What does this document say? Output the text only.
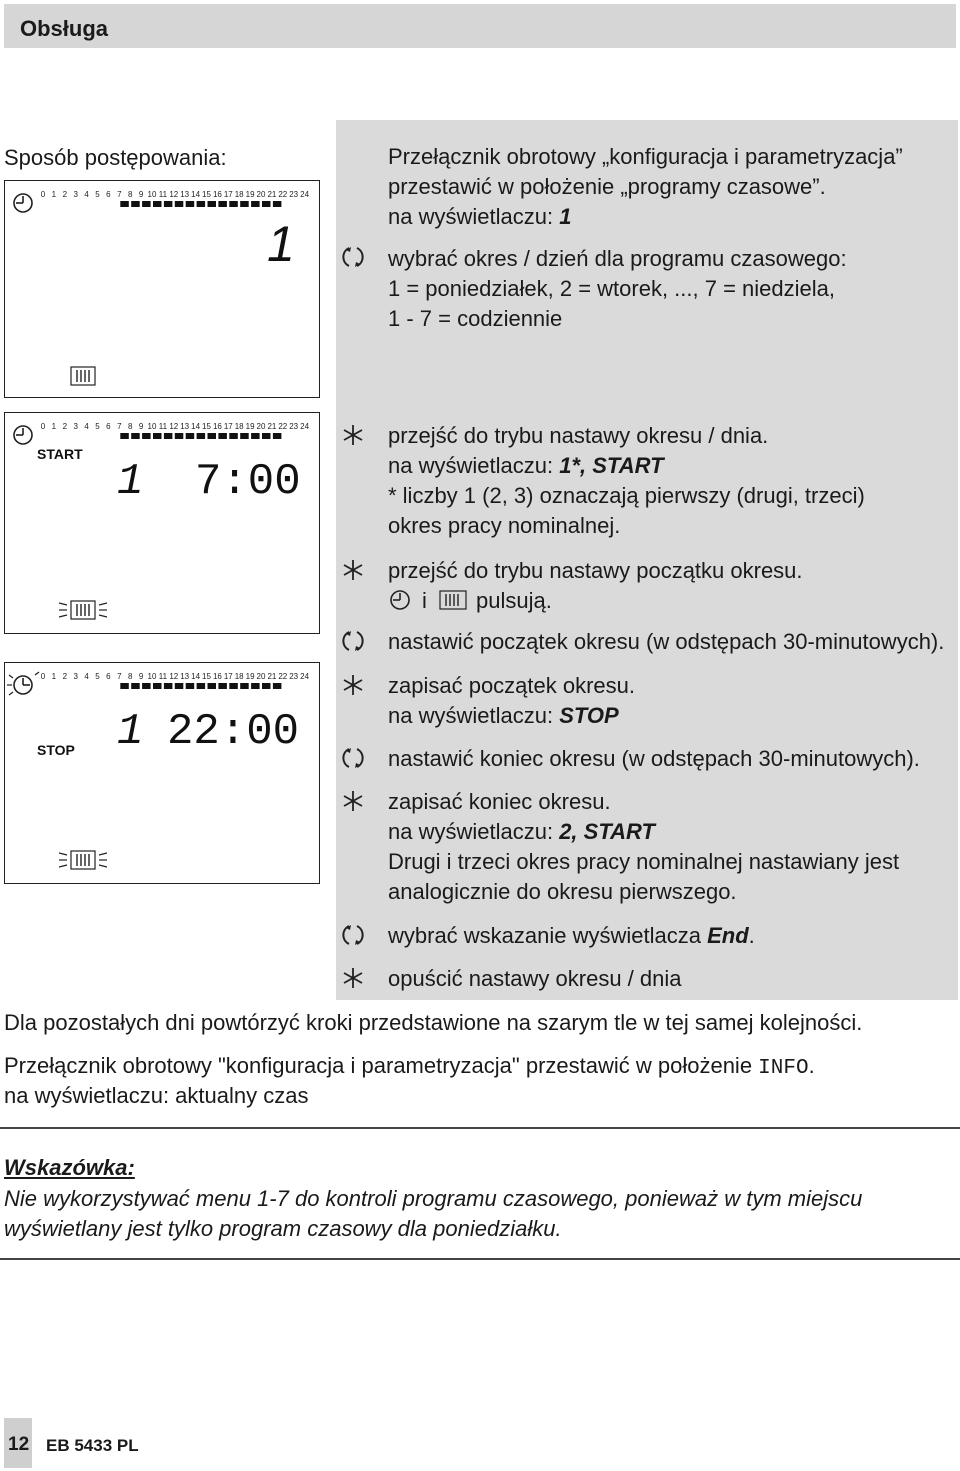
Obsługa
Sposób postępowania:
0 1 2 3 4 5 6 7 8 9 10 11 12 13 14 15 16 17 18 19 20 21 22 23 24
1
0 1 2 3 4 5 6 7 8 9 10 11 12 13 14 15 16 17 18 19 20 21 22 23 24
START
1 7:00
0 1 2 3 4 5 6 7 8 9 10 11 12 13 14 15 16 17 18 19 20 21 22 23 24
STOP 1 22:00
Przełącznik obrotowy „konfiguracja i parametryzacja”
przestawić w położenie „programy czasowe”.
na wyświetlaczu: 1
wybrać okres / dzień dla programu czasowego:
1 = poniedziałek, 2 = wtorek, ..., 7 = niedziela,
1 - 7 = codziennie
przejść do trybu nastawy okresu / dnia.
na wyświetlaczu: 1*, START
* liczby 1 (2, 3) oznaczają pierwszy (drugi, trzeci)
okres pracy nominalnej.
przejść do trybu nastawy początku okresu.
i pulsują.
nastawić początek okresu (w odstępach 30-minutowych).
zapisać początek okresu.
na wyświetlaczu: STOP
nastawić koniec okresu (w odstępach 30-minutowych).
zapisać koniec okresu.
na wyświetlaczu: 2, START
Drugi i trzeci okres pracy nominalnej nastawiany jest
analogicznie do okresu pierwszego.
wybrać wskazanie wyświetlacza End.
opuścić nastawy okresu / dnia
Dla pozostałych dni powtórzyć kroki przedstawione na szarym tle w tej samej kolejności.
Przełącznik obrotowy "konfiguracja i parametryzacja" przestawić w położenie INFO.
na wyświetlaczu: aktualny czas
Wskazówka:
Nie wykorzystywać menu 1-7 do kontroli programu czasowego, ponieważ w tym miejscu
wyświetlany jest tylko program czasowy dla poniedziałku.
12 EB 5433 PL
